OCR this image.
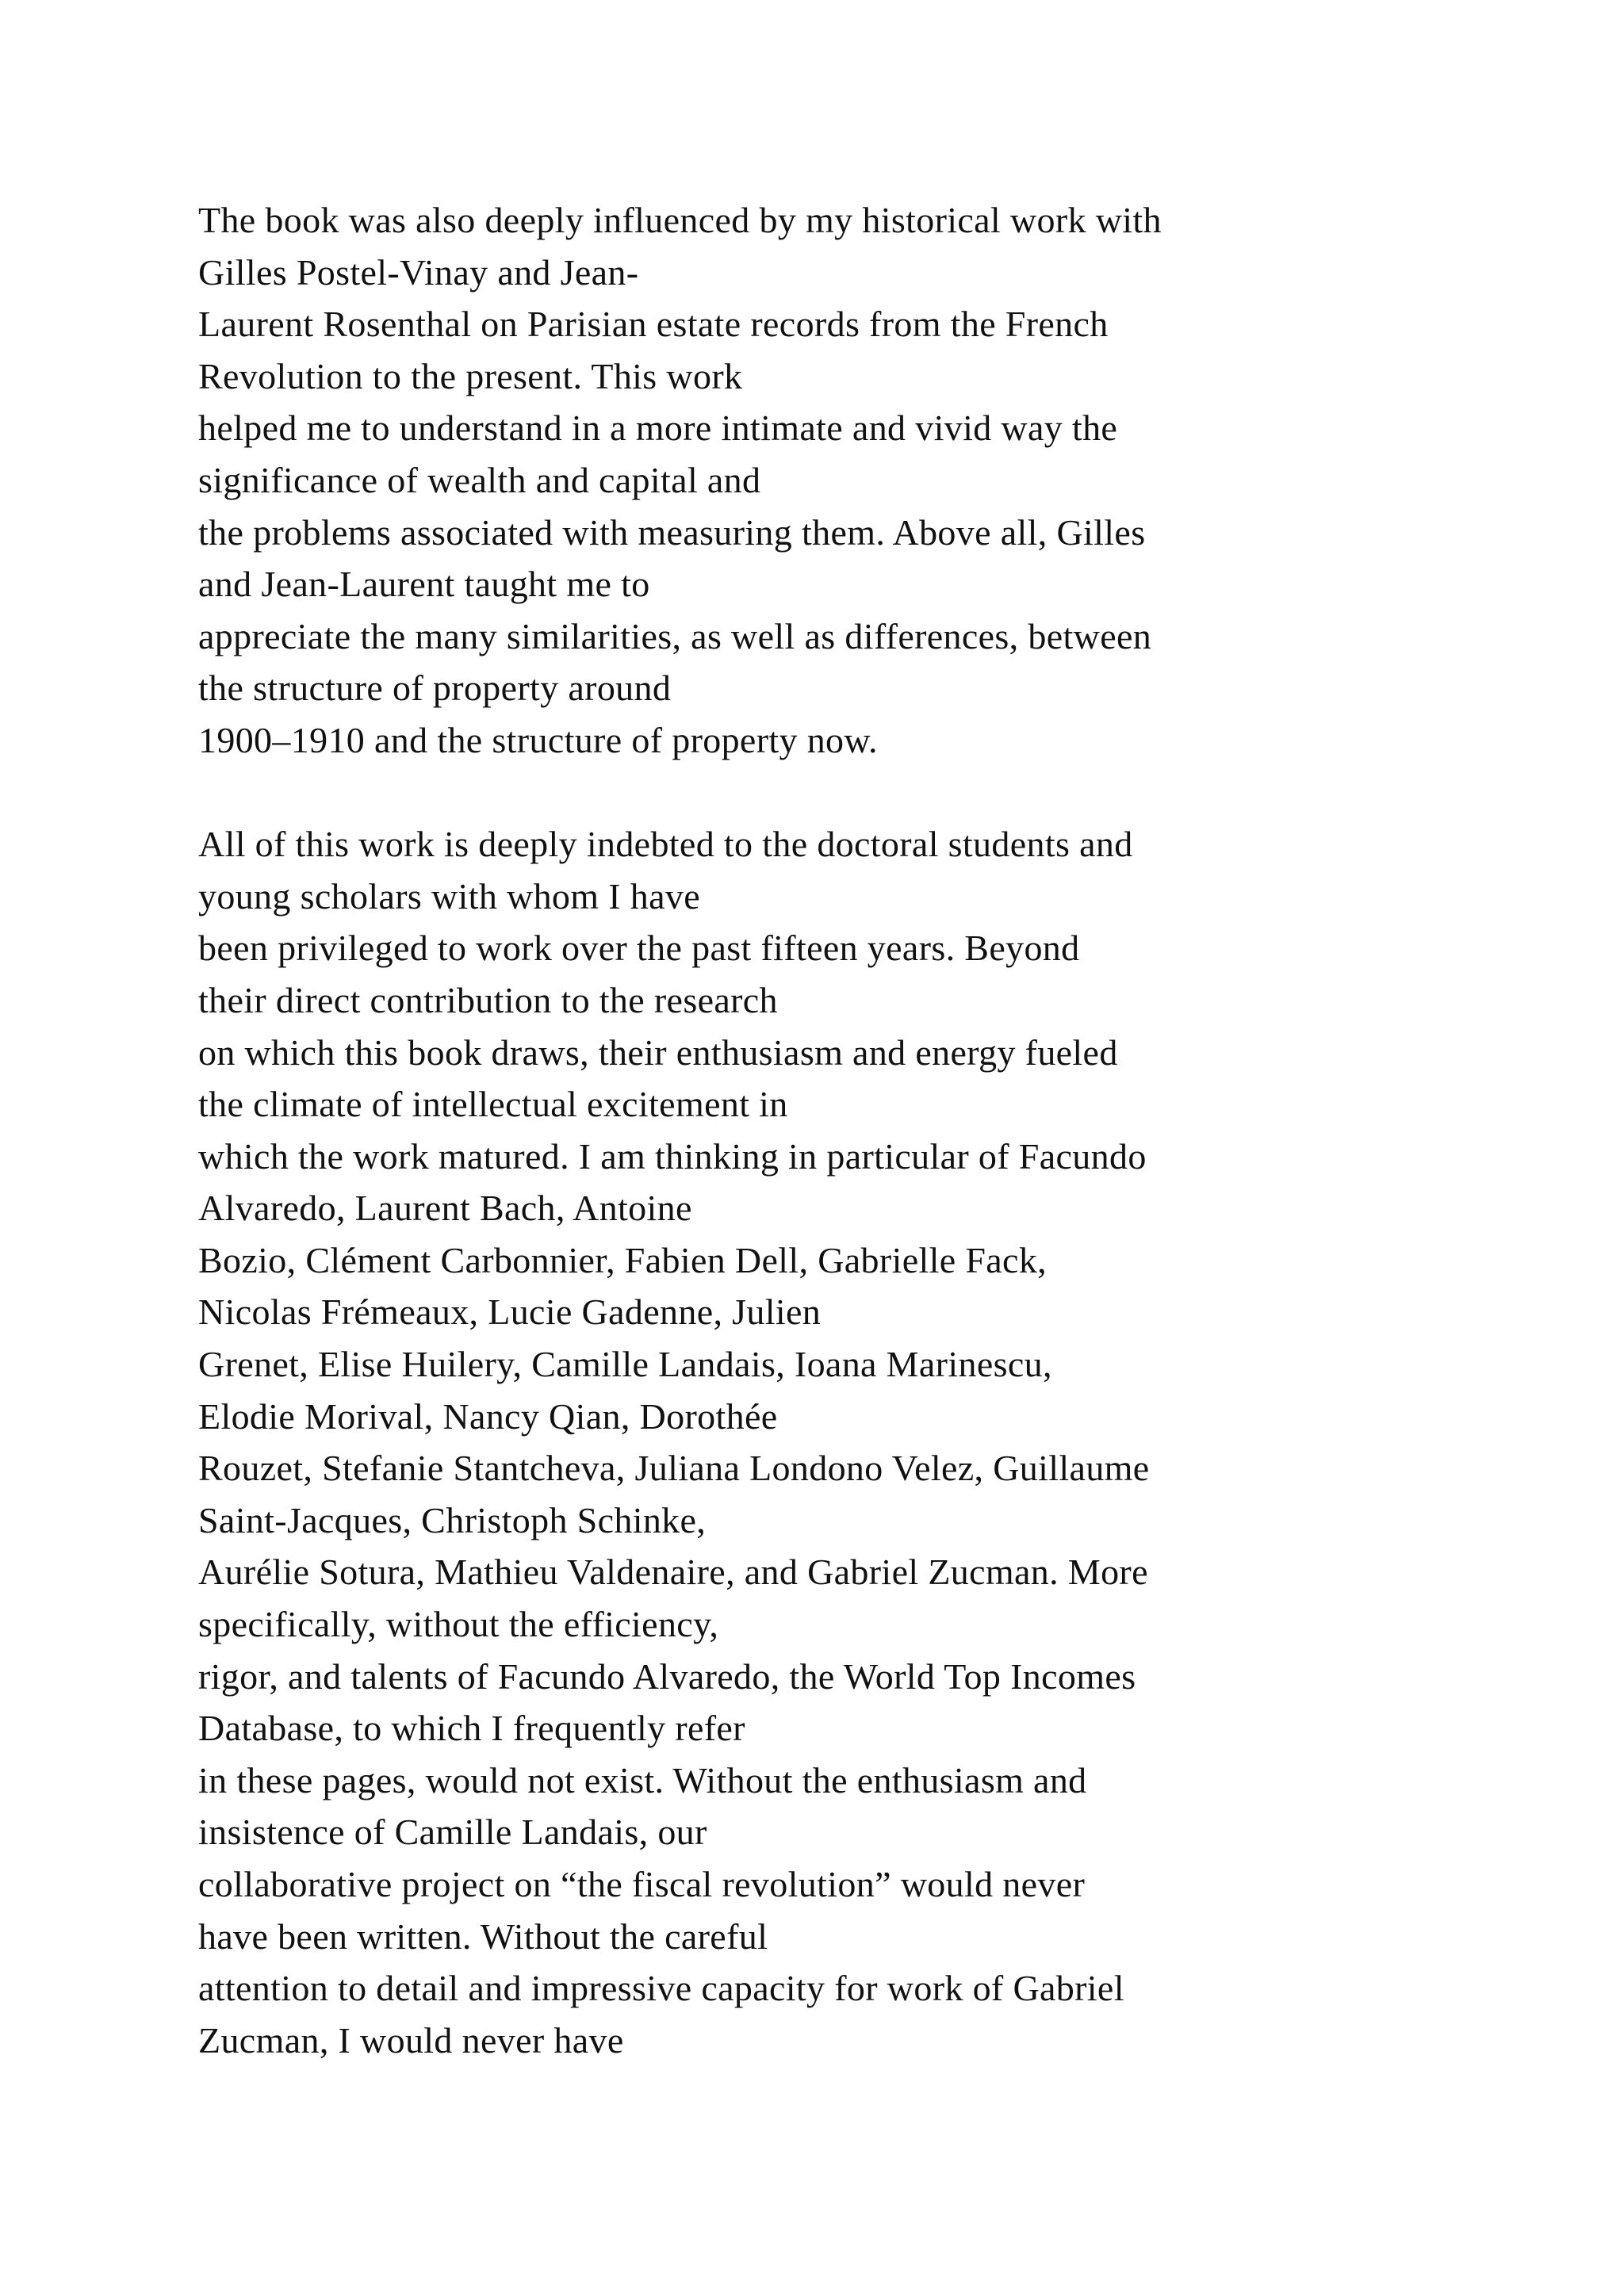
The book was also deeply influenced by my historical work with
Gilles Postel-Vinay and Jean-
Laurent Rosenthal on Parisian estate records from the French
Revolution to the present. This work
helped me to understand in a more intimate and vivid way the
significance of wealth and capital and
the problems associated with measuring them. Above all, Gilles
and Jean-Laurent taught me to
appreciate the many similarities, as well as differences, between
the structure of property around
1900–1910 and the structure of property now.
All of this work is deeply indebted to the doctoral students and
young scholars with whom I have
been privileged to work over the past fifteen years. Beyond
their direct contribution to the research
on which this book draws, their enthusiasm and energy fueled
the climate of intellectual excitement in
which the work matured. I am thinking in particular of Facundo
Alvaredo, Laurent Bach, Antoine
Bozio, Clément Carbonnier, Fabien Dell, Gabrielle Fack,
Nicolas Frémeaux, Lucie Gadenne, Julien
Grenet, Elise Huilery, Camille Landais, Ioana Marinescu,
Elodie Morival, Nancy Qian, Dorothée
Rouzet, Stefanie Stantcheva, Juliana Londono Velez, Guillaume
Saint-Jacques, Christoph Schinke,
Aurélie Sotura, Mathieu Valdenaire, and Gabriel Zucman. More
specifically, without the efficiency,
rigor, and talents of Facundo Alvaredo, the World Top Incomes
Database, to which I frequently refer
in these pages, would not exist. Without the enthusiasm and
insistence of Camille Landais, our
collaborative project on “the fiscal revolution” would never
have been written. Without the careful
attention to detail and impressive capacity for work of Gabriel
Zucman, I would never have
